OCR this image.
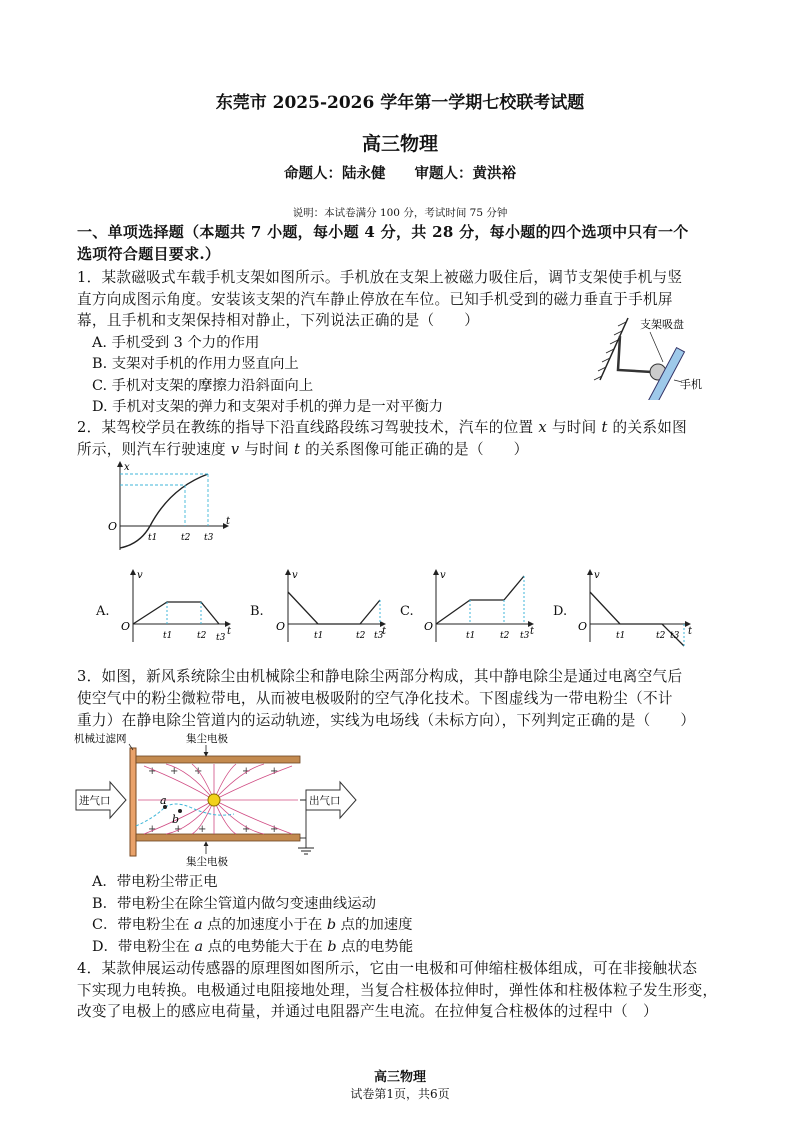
东莞市 2025-2026 学年第一学期七校联考试题
高三物理
命题人：陆永健　　审题人：黄洪裕
说明：本试卷满分 100 分，考试时间 75 分钟
一、单项选择题（本题共 7 小题，每小题 4 分，共 28 分，每小题的四个选项中只有一个
选项符合题目要求.）
1．某款磁吸式车载手机支架如图所示。手机放在支架上被磁力吸住后，调节支架使手机与竖
直方向成图示角度。安装该支架的汽车静止停放在车位。已知手机受到的磁力垂直于手机屏
幕，且手机和支架保持相对静止，下列说法正确的是（　　）
A. 手机受到 3 个力的作用
B. 支架对手机的作用力竖直向上
C. 手机对支架的摩擦力沿斜面向上
D. 手机对支架的弹力和支架对手机的弹力是一对平衡力
支架吸盘
手机
2．某驾校学员在教练的指导下沿直线路段练习驾驶技术，汽车的位置 x 与时间 t 的关系如图
所示，则汽车行驶速度 v 与时间 t 的关系图像可能正确的是（　　）
x
t
O
t1	t2 t3
A.	B.	C.	D.
v
t
O
t1	t2 t3
v
t
O
t1	t2 t3
v
t
O
t1	t2 t3
v
t
O
t1	t2 t3
3．如图，新风系统除尘由机械除尘和静电除尘两部分构成，其中静电除尘是通过电离空气后
使空气中的粉尘微粒带电，从而被电极吸附的空气净化技术。下图虚线为一带电粉尘（不计
重力）在静电除尘管道内的运动轨迹，实线为电场线（未标方向），下列判定正确的是（　　）
+ + +	+ +
+ + +	+ +
a
b
进气口	出气口
机械过滤网	集尘电极
集尘电极
A．带电粉尘带正电
B．带电粉尘在除尘管道内做匀变速曲线运动
C．带电粉尘在 a 点的加速度小于在 b 点的加速度
D．带电粉尘在 a 点的电势能大于在 b 点的电势能
4．某款伸展运动传感器的原理图如图所示，它由一电极和可伸缩柱极体组成，可在非接触状态
下实现力电转换。电极通过电阻接地处理，当复合柱极体拉伸时，弹性体和柱极体粒子发生形变，
改变了电极上的感应电荷量，并通过电阻器产生电流。在拉伸复合柱极体的过程中（　）
高三物理
试卷第1页，共6页
